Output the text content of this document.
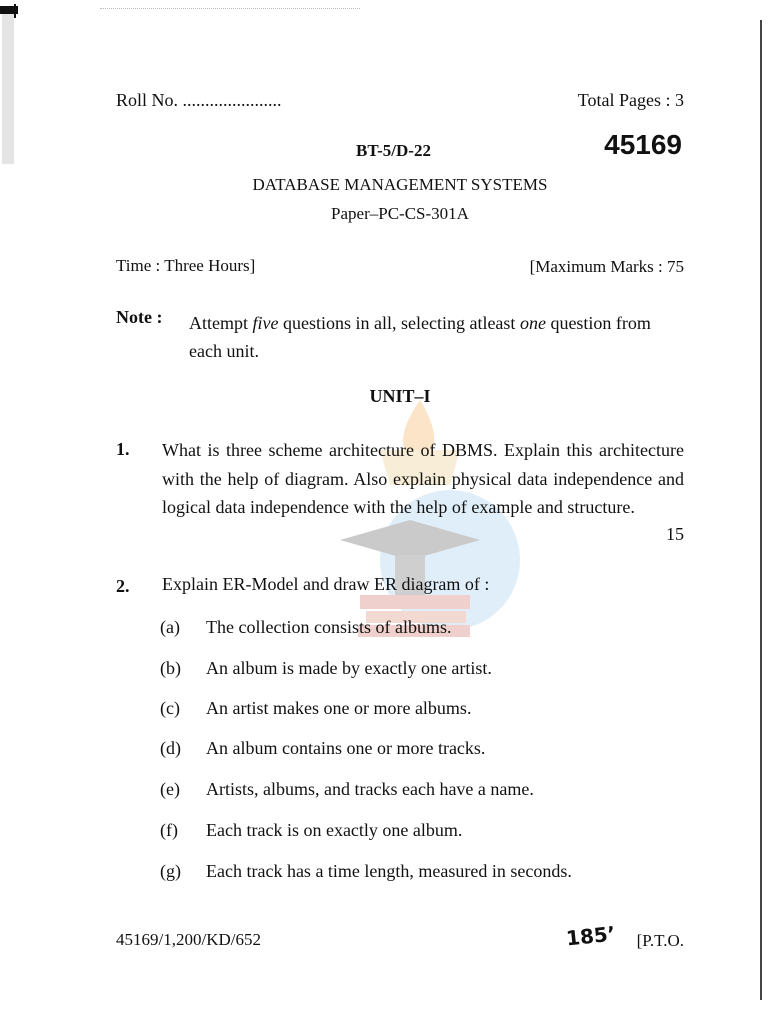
Roll No. ......................	Total Pages : 3
BT-5/D-22	45169
DATABASE MANAGEMENT SYSTEMS
Paper–PC-CS-301A
Time : Three Hours]	[Maximum Marks : 75
Note : Attempt five questions in all, selecting atleast one question from each unit.
UNIT–I
1. What is three scheme architecture of DBMS. Explain this architecture with the help of diagram. Also explain physical data independence and logical data independence with the help of example and structure.
15
2. Explain ER-Model and draw ER diagram of :
(a) The collection consists of albums.
(b) An album is made by exactly one artist.
(c) An artist makes one or more albums.
(d) An album contains one or more tracks.
(e) Artists, albums, and tracks each have a name.
(f) Each track is on exactly one album.
(g) Each track has a time length, measured in seconds.
45169/1,200/KD/652	185’ [P.T.O.
